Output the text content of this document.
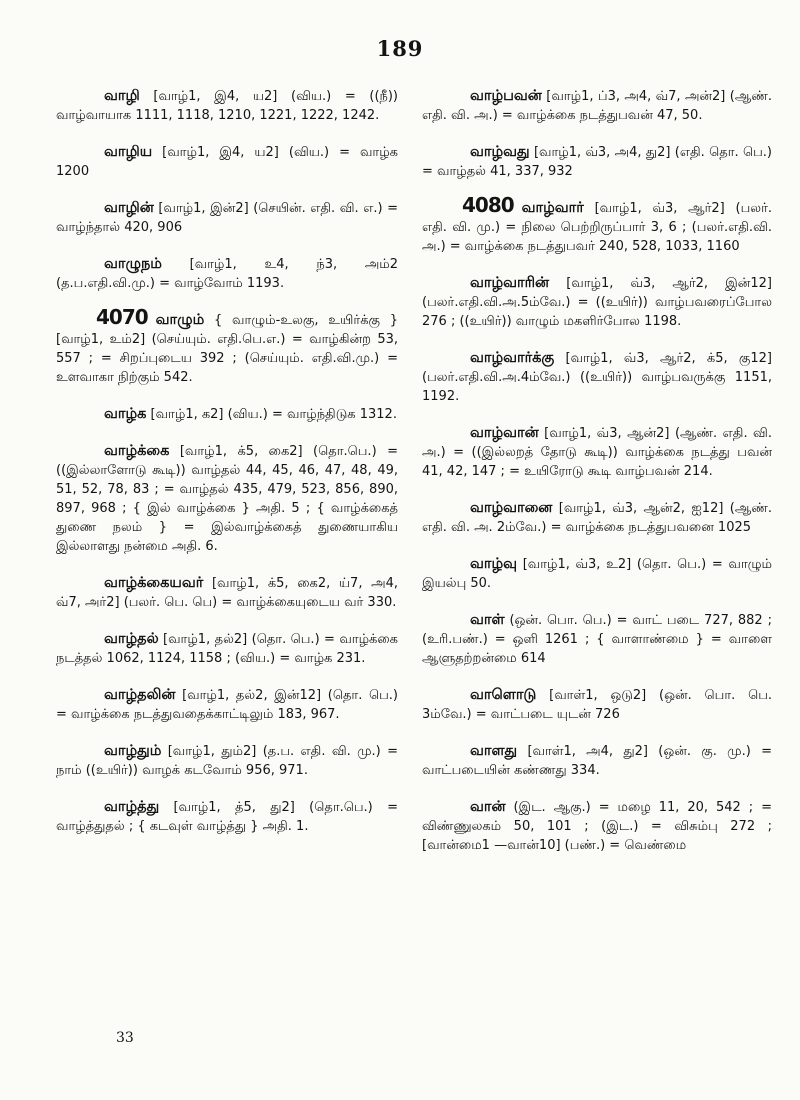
189

வாழி [வாழ்1, இ4, ய2] (விய.) = ((நீ)) வாழ்வாயாக 1111, 1118, 1210, 1221, 1222, 1242.

வாழிய [வாழ்1, இ4, ய2] (விய.) = வாழ்க 1200

வாழின் [வாழ்1, இன்2] (செயின். எதி. வி. எ.) = வாழ்ந்தால் 420, 906

வாழுநம் [வாழ்1, உ4, ந்3, அம்2 (த.ப.எதி.வி.மு.) = வாழ்வோம் 1193.

4070 வாழும் { வாழும்-உலகு, உயிர்க்கு } [வாழ்1, உம்2] (செய்யும். எதி.பெ.எ.) = வாழ்கின்ற 53, 557 ; = சிறப்புடைய 392 ; (செய்யும். எதி.வி.மு.) = உளவாகா நிற்கும் 542.

வாழ்க [வாழ்1, க2] (விய.) = வாழ்ந்திடுக 1312.

வாழ்க்கை [வாழ்1, க்5, கை2] (தொ.பெ.) = ((இல்லாளோடு கூடி)) வாழ்தல் 44, 45, 46, 47, 48, 49, 51, 52, 78, 83 ; = வாழ்தல் 435, 479, 523, 856, 890, 897, 968 ; { இல் வாழ்க்கை } அதி. 5 ; { வாழ்க்கைத் துணை நலம் } = இல்வாழ்க்கைத் துணையாகிய இல்லாளது நன்மை அதி. 6.

வாழ்க்கையவர் [வாழ்1, க்5, கை2, ய்7, அ4, வ்7, அர்2] (பலர். பெ. பெ) = வாழ்க்கையுடைய வர் 330.

வாழ்தல் [வாழ்1, தல்2] (தொ. பெ.) = வாழ்க்கை நடத்தல் 1062, 1124, 1158 ; (விய.) = வாழ்க 231.

வாழ்தலின் [வாழ்1, தல்2, இன்12] (தொ. பெ.) = வாழ்க்கை நடத்துவதைக்காட்டிலும் 183, 967.

வாழ்தும் [வாழ்1, தும்2] (த.ப. எதி. வி. மு.) = நாம் ((உயிர்)) வாழக் கடவோம் 956, 971.

வாழ்த்து [வாழ்1, த்5, து2] (தொ.பெ.) = வாழ்த்துதல் ; { கடவுள் வாழ்த்து } அதி. 1.

வாழ்பவன் [வாழ்1, ப்3, அ4, வ்7, அன்2] (ஆண். எதி. வி. அ.) = வாழ்க்கை நடத்துபவன் 47, 50.

வாழ்வது [வாழ்1, வ்3, அ4, து2] (எதி. தொ. பெ.) = வாழ்தல் 41, 337, 932

4080 வாழ்வார் [வாழ்1, வ்3, ஆர்2] (பலர். எதி. வி. மு.) = நிலை பெற்றிருப்பார் 3, 6 ; (பலர்.எதி.வி. அ.) = வாழ்க்கை நடத்துபவர் 240, 528, 1033, 1160

வாழ்வாரின் [வாழ்1, வ்3, ஆர்2, இன்12] (பலர்.எதி.வி.அ.5ம்வே.) = ((உயிர்)) வாழ்பவரைப்போல 276 ; ((உயிர்)) வாழும் மகளிர்போல 1198.

வாழ்வார்க்கு [வாழ்1, வ்3, ஆர்2, க்5, கு12] (பலர்.எதி.வி.அ.4ம்வே.) ((உயிர்)) வாழ்பவருக்கு 1151, 1192.

வாழ்வான் [வாழ்1, வ்3, ஆன்2] (ஆண். எதி. வி. அ.) = ((இல்லறத் தோடு கூடி)) வாழ்க்கை நடத்து பவன் 41, 42, 147 ; = உயிரோடு கூடி வாழ்பவன் 214.

வாழ்வானை [வாழ்1, வ்3, ஆன்2, ஐ12] (ஆண். எதி. வி. அ. 2ம்வே.) = வாழ்க்கை நடத்துபவனை 1025

வாழ்வு [வாழ்1, வ்3, உ2] (தொ. பெ.) = வாழும் இயல்பு 50.

வாள் (ஒன். பொ. பெ.) = வாட் படை 727, 882 ; (உரி.பண்.) = ஒளி 1261 ; { வாளாண்மை } = வாளை ஆளுதற்றன்மை 614

வாளொடு [வாள்1, ஒடு2] (ஒன். பொ. பெ. 3ம்வே.) = வாட்படை யுடன் 726

வாளது [வாள்1, அ4, து2] (ஒன். கு. மு.) = வாட்படையின் கண்ணது 334.

வான் (இட. ஆகு.) = மழை 11, 20, 542 ; = விண்ணுலகம் 50, 101 ; (இட.) = விசும்பு 272 ; [வான்மை1 —வான்10] (பண்.) = வெண்மை

33
